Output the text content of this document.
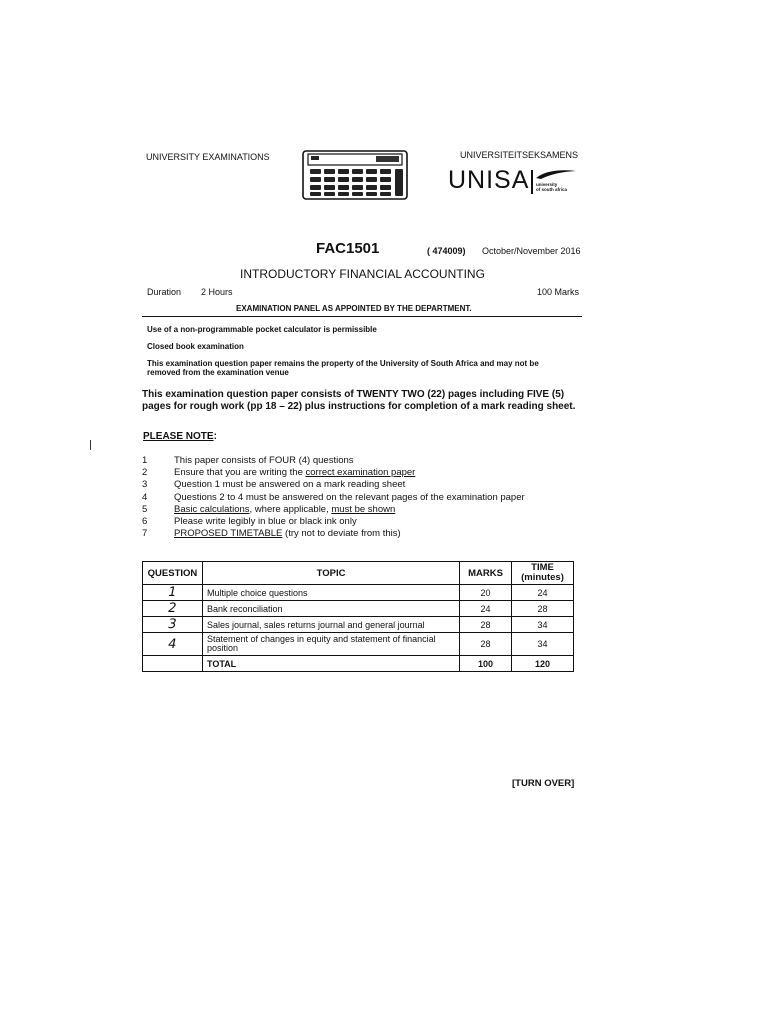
UNIVERSITY EXAMINATIONS	UNIVERSITEITSEKSAMENS
UNISA university
of south africa
FAC1501	( 474009) October/November 2016
INTRODUCTORY FINANCIAL ACCOUNTING
Duration 2 Hours	100 Marks
EXAMINATION PANEL AS APPOINTED BY THE DEPARTMENT.
Use of a non-programmable pocket calculator is permissible
Closed book examination
This examination question paper remains the property of the University of South Africa and may not be
removed from the examination venue
This examination question paper consists of TWENTY TWO (22) pages including FIVE (5)
pages for rough work (pp 18 – 22) plus instructions for completion of a mark reading sheet.
PLEASE NOTE:
1	This paper consists of FOUR (4) questions
2	Ensure that you are writing the correct examination paper
3	Question 1 must be answered on a mark reading sheet
4	Questions 2 to 4 must be answered on the relevant pages of the examination paper
5	Basic calculations, where applicable, must be shown
6	Please write legibly in blue or black ink only
7	PROPOSED TIMETABLE (try not to deviate from this)
QUESTION	TOPIC	MARKS	TIME
(minutes)

1	Multiple choice questions	20	24
2	Bank reconciliation	24	28
3	Sales journal, sales returns journal and general journal	28	34
4	Statement of changes in equity and statement of financial
position	28	34
	TOTAL	100	120
[TURN OVER]
